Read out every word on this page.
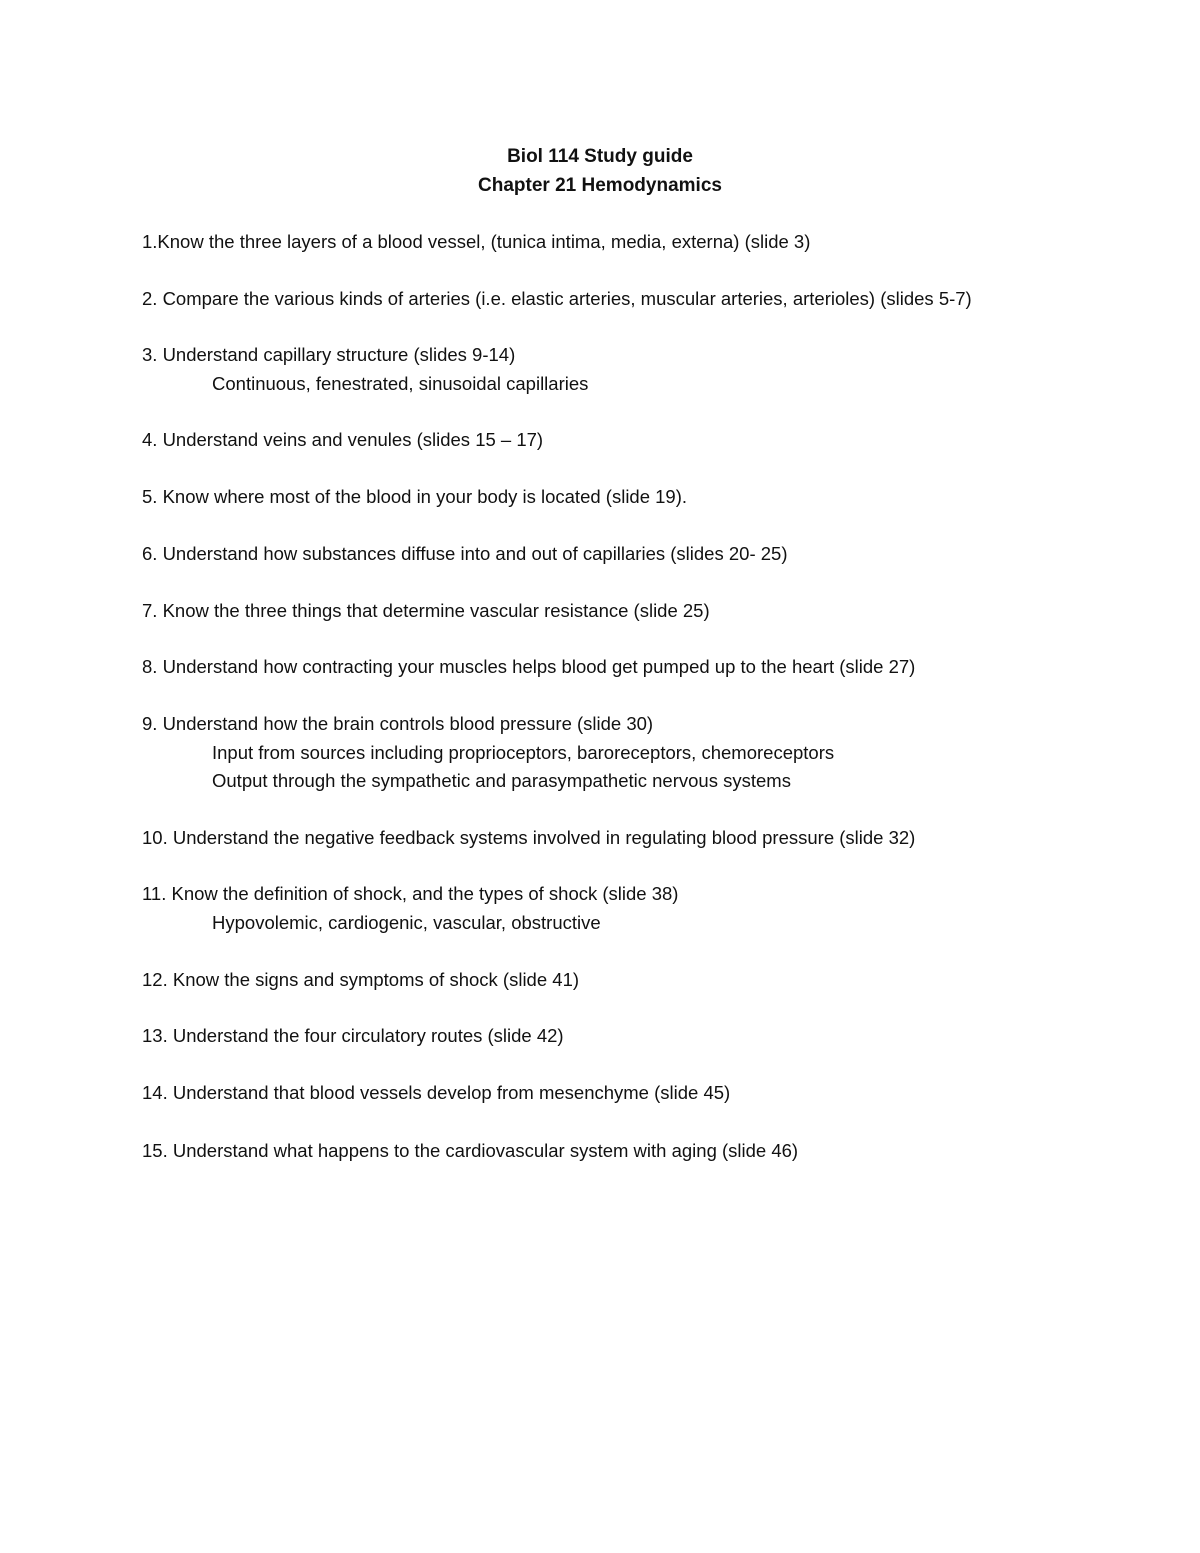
Biol 114 Study guide
Chapter 21 Hemodynamics
1.Know the three layers of a blood vessel, (tunica intima, media, externa) (slide 3)
2. Compare the various kinds of arteries (i.e. elastic arteries, muscular arteries, arterioles) (slides 5-7)
3. Understand capillary structure (slides 9-14)
Continuous, fenestrated, sinusoidal capillaries
4. Understand veins and venules (slides 15 – 17)
5. Know where most of the blood in your body is located (slide 19).
6. Understand how substances diffuse into and out of capillaries (slides 20- 25)
7. Know the three things that determine vascular resistance (slide 25)
8. Understand how contracting your muscles helps blood get pumped up to the heart (slide 27)
9. Understand how the brain controls blood pressure (slide 30)
Input from sources including proprioceptors, baroreceptors, chemoreceptors
Output through the sympathetic and parasympathetic nervous systems
10. Understand the negative feedback systems involved in regulating blood pressure (slide 32)
11. Know the definition of shock, and the types of shock (slide 38)
Hypovolemic, cardiogenic, vascular, obstructive
12. Know the signs and symptoms of shock (slide 41)
13. Understand the four circulatory routes (slide 42)
14. Understand that blood vessels develop from mesenchyme (slide 45)
15. Understand what happens to the cardiovascular system with aging (slide 46)
